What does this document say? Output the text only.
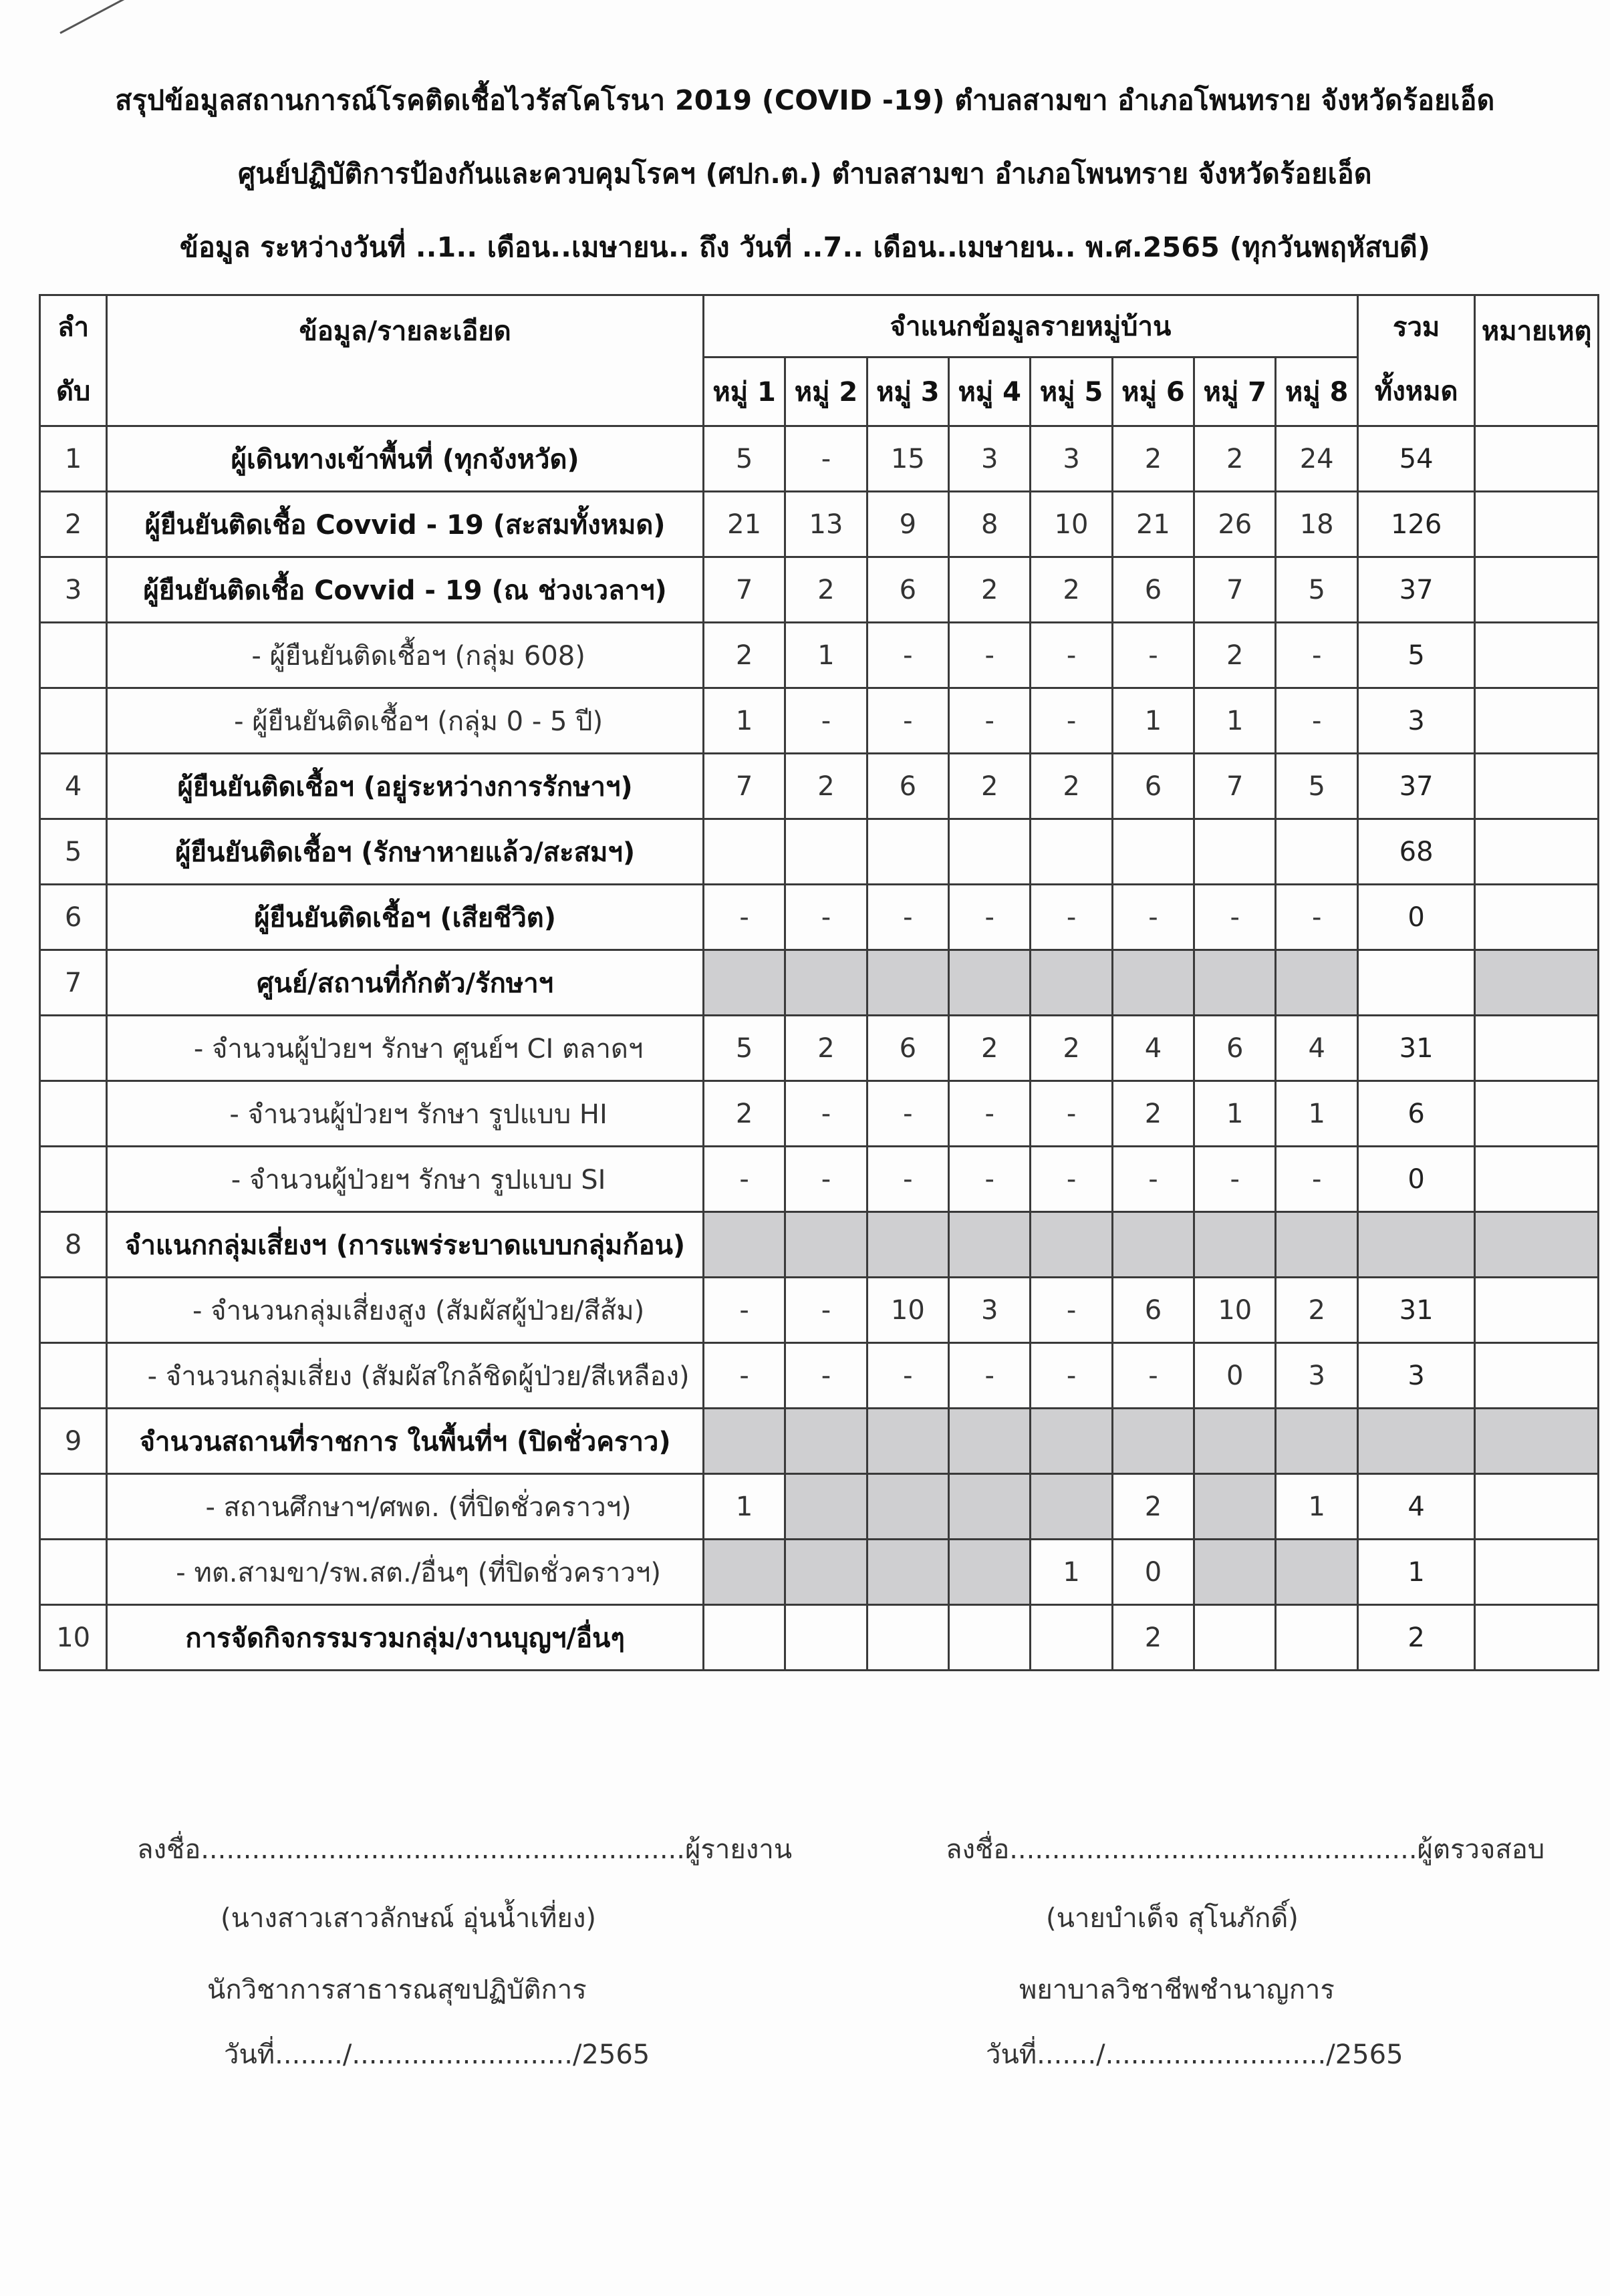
สรุปข้อมูลสถานการณ์โรคติดเชื้อไวรัสโคโรนา 2019 (COVID -19) ตำบลสามขา อำเภอโพนทราย จังหวัดร้อยเอ็ด
ศูนย์ปฏิบัติการป้องกันและควบคุมโรคฯ (ศปก.ต.) ตำบลสามขา อำเภอโพนทราย จังหวัดร้อยเอ็ด
ข้อมูล ระหว่างวันที่ ..1.. เดือน..เมษายน.. ถึง วันที่ ..7.. เดือน..เมษายน.. พ.ศ.2565 (ทุกวันพฤหัสบดี)
ลำ	ข้อมูล/รายละเอียด	จำแนกข้อมูลรายหมู่บ้าน								รวม	หมายเหตุ
ดับ		หมู่ 1	หมู่ 2	หมู่ 3	หมู่ 4	หมู่ 5	หมู่ 6	หมู่ 7	หมู่ 8	ทั้งหมด	
1	ผู้เดินทางเข้าพื้นที่ (ทุกจังหวัด)	5	-	15	3	3	2	2	24	54	
2	ผู้ยืนยันติดเชื้อ Covvid - 19 (สะสมทั้งหมด)	21	13	9	8	10	21	26	18	126	
3	ผู้ยืนยันติดเชื้อ Covvid - 19 (ณ ช่วงเวลาฯ)	7	2	6	2	2	6	7	5	37	
	- ผู้ยืนยันติดเชื้อฯ (กลุ่ม 608)	2	1	-	-	-	-	2	-	5	
	- ผู้ยืนยันติดเชื้อฯ (กลุ่ม 0 - 5 ปี)	1	-	-	-	-	1	1	-	3	
4	ผู้ยืนยันติดเชื้อฯ (อยู่ระหว่างการรักษาฯ)	7	2	6	2	2	6	7	5	37	
5	ผู้ยืนยันติดเชื้อฯ (รักษาหายแล้ว/สะสมฯ)									68	
6	ผู้ยืนยันติดเชื้อฯ (เสียชีวิต)	-	-	-	-	-	-	-	-	0	
7	ศูนย์/สถานที่กักตัว/รักษาฯ										
	- จำนวนผู้ป่วยฯ รักษา ศูนย์ฯ CI ตลาดฯ	5	2	6	2	2	4	6	4	31	
	- จำนวนผู้ป่วยฯ รักษา รูปแบบ HI	2	-	-	-	-	2	1	1	6	
	- จำนวนผู้ป่วยฯ รักษา รูปแบบ SI	-	-	-	-	-	-	-	-	0	
8	จำแนกกลุ่มเสี่ยงฯ (การแพร่ระบาดแบบกลุ่มก้อน)										
	- จำนวนกลุ่มเสี่ยงสูง (สัมผัสผู้ป่วย/สีส้ม)	-	-	10	3	-	6	10	2	31	
	- จำนวนกลุ่มเสี่ยง (สัมผัสใกล้ชิดผู้ป่วย/สีเหลือง)	-	-	-	-	-	-	0	3	3	
9	จำนวนสถานที่ราชการ ในพื้นที่ฯ (ปิดชั่วคราว)										
	- สถานศึกษาฯ/ศพด. (ที่ปิดชั่วคราวฯ)	1					2		1	4	
	- ทต.สามขา/รพ.สต./อื่นๆ (ที่ปิดชั่วคราวฯ)					1	0			1	
10	การจัดกิจกรรมรวมกลุ่ม/งานบุญฯ/อื่นๆ						2			2	
ลงชื่อ.........................................................ผู้รายงาน
(นางสาวเสาวลักษณ์ อุ่นน้ำเที่ยง)
นักวิชาการสาธารณสุขปฏิบัติการ
วันที่......../........................../2565
ลงชื่อ................................................ผู้ตรวจสอบ
(นายบำเด็จ สุโนภักดิ์)
พยาบาลวิชาชีพชำนาญการ
วันที่......./........................../2565
